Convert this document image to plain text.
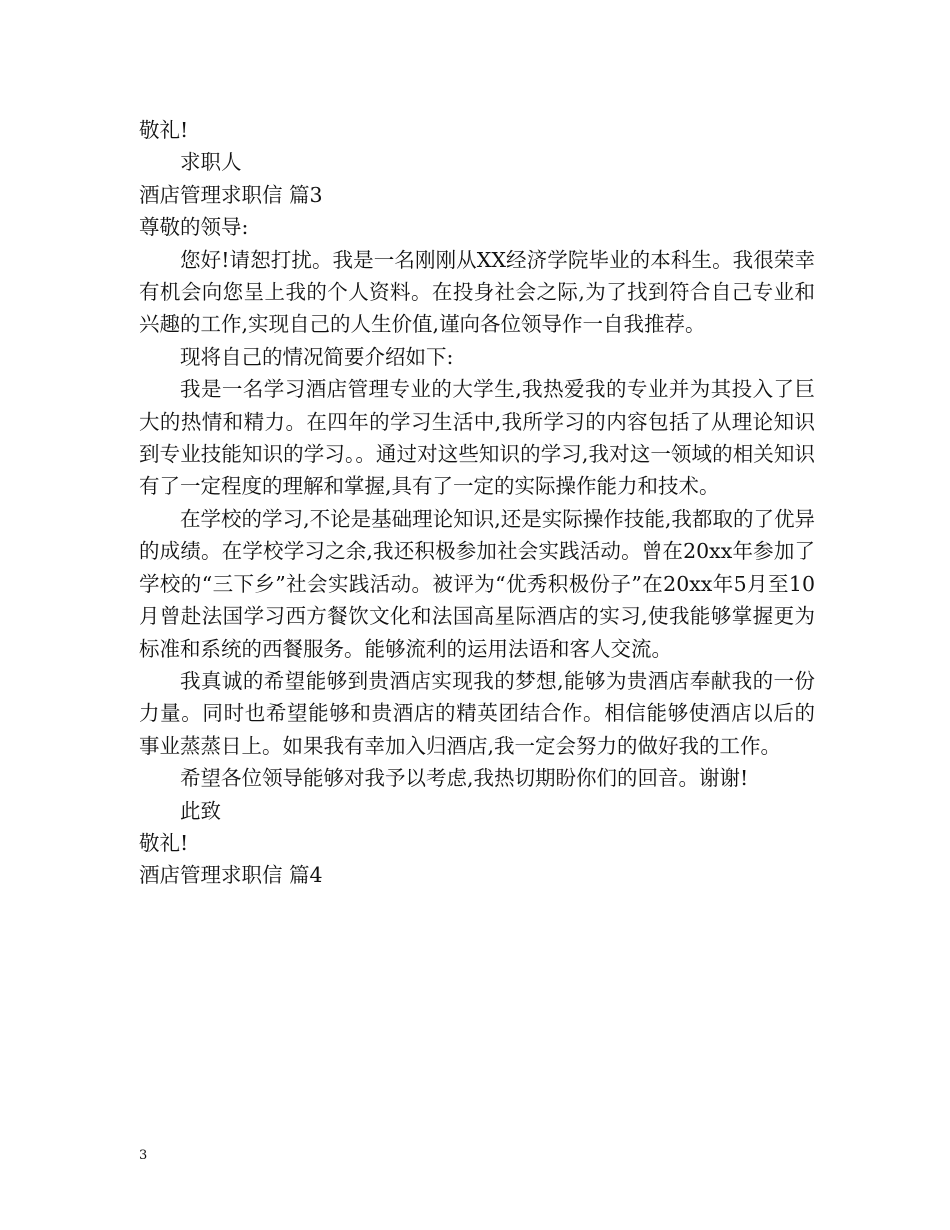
敬礼!

求职人

酒店管理求职信 篇3

尊敬的领导:

您好!请恕打扰。我是一名刚刚从XX经济学院毕业的本科生。我很荣幸有机会向您呈上我的个人资料。在投身社会之际,为了找到符合自己专业和兴趣的工作,实现自己的人生价值,谨向各位领导作一自我推荐。

现将自己的情况简要介绍如下:

我是一名学习酒店管理专业的大学生,我热爱我的专业并为其投入了巨大的热情和精力。在四年的学习生活中,我所学习的内容包括了从理论知识到专业技能知识的学习。。通过对这些知识的学习,我对这一领域的相关知识有了一定程度的理解和掌握,具有了一定的实际操作能力和技术。

在学校的学习,不论是基础理论知识,还是实际操作技能,我都取的了优异的成绩。在学校学习之余,我还积极参加社会实践活动。曾在20xx年参加了学校的“三下乡”社会实践活动。被评为“优秀积极份子”在20xx年5月至10月曾赴法国学习西方餐饮文化和法国高星际酒店的实习,使我能够掌握更为标准和系统的西餐服务。能够流利的运用法语和客人交流。

我真诚的希望能够到贵酒店实现我的梦想,能够为贵酒店奉献我的一份力量。同时也希望能够和贵酒店的精英团结合作。相信能够使酒店以后的事业蒸蒸日上。如果我有幸加入归酒店,我一定会努力的做好我的工作。

希望各位领导能够对我予以考虑,我热切期盼你们的回音。谢谢!

此致

敬礼!

酒店管理求职信 篇4

3
